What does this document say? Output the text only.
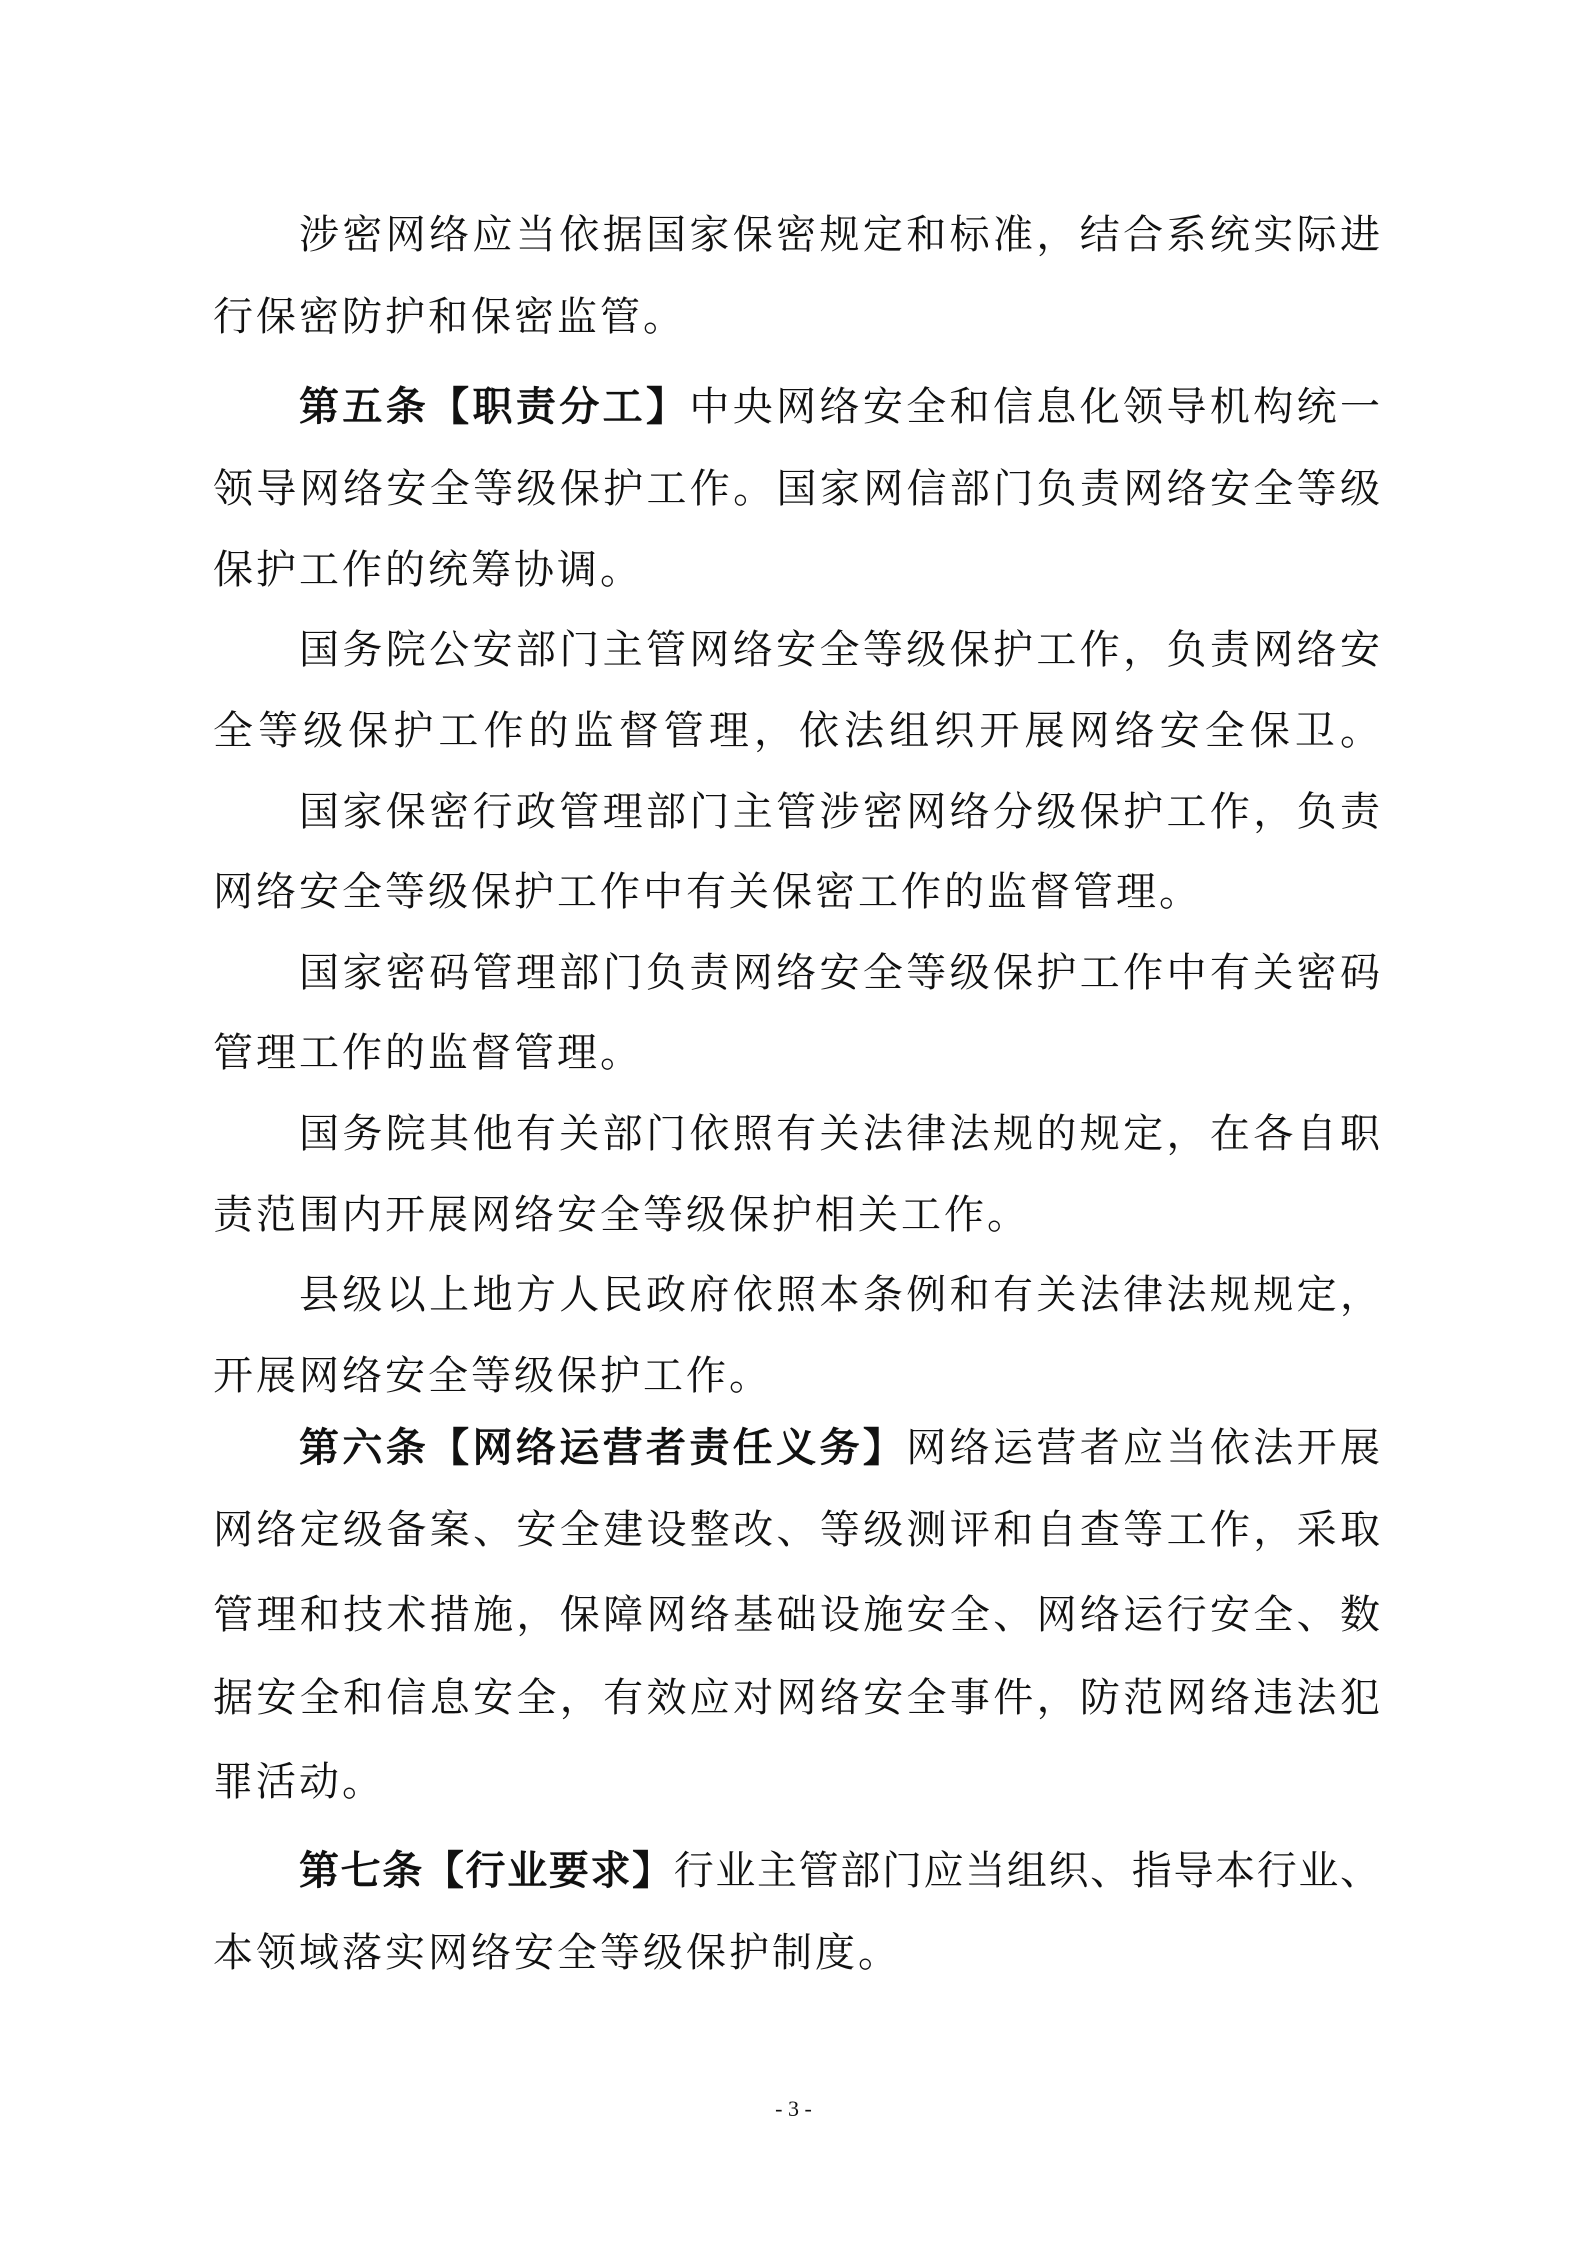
涉密网络应当依据国家保密规定和标准，结合系统实际进
行保密防护和保密监管。
第五条【职责分工】中央网络安全和信息化领导机构统一
领导网络安全等级保护工作。国家网信部门负责网络安全等级
保护工作的统筹协调。
国务院公安部门主管网络安全等级保护工作，负责网络安
全等级保护工作的监督管理，依法组织开展网络安全保卫。
国家保密行政管理部门主管涉密网络分级保护工作，负责
网络安全等级保护工作中有关保密工作的监督管理。
国家密码管理部门负责网络安全等级保护工作中有关密码
管理工作的监督管理。
国务院其他有关部门依照有关法律法规的规定，在各自职
责范围内开展网络安全等级保护相关工作。
县级以上地方人民政府依照本条例和有关法律法规规定，
开展网络安全等级保护工作。
第六条【网络运营者责任义务】网络运营者应当依法开展
网络定级备案、安全建设整改、等级测评和自查等工作，采取
管理和技术措施，保障网络基础设施安全、网络运行安全、数
据安全和信息安全，有效应对网络安全事件，防范网络违法犯
罪活动。
第七条【行业要求】行业主管部门应当组织、指导本行业、
本领域落实网络安全等级保护制度。
- 3 -
